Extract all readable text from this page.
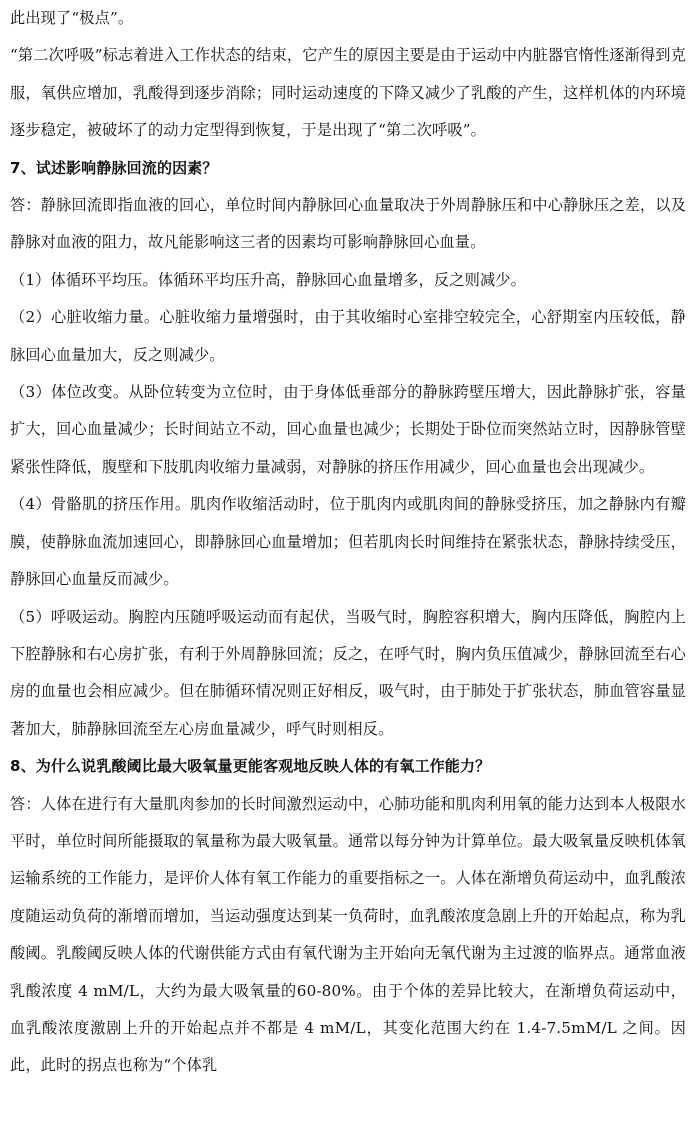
此出现了“极点”。

“第二次呼吸”标志着进入工作状态的结束，它产生的原因主要是由于运动中内脏器官惰性逐渐得到克服，氧供应增加，乳酸得到逐步消除；同时运动速度的下降又减少了乳酸的产生，这样机体的内环境逐步稳定，被破坏了的动力定型得到恢复，于是出现了“第二次呼吸”。

7、试述影响静脉回流的因素？

答：静脉回流即指血液的回心，单位时间内静脉回心血量取决于外周静脉压和中心静脉压之差，以及静脉对血液的阻力，故凡能影响这三者的因素均可影响静脉回心血量。

（1）体循环平均压。体循环平均压升高，静脉回心血量增多，反之则减少。

（2）心脏收缩力量。心脏收缩力量增强时，由于其收缩时心室排空较完全，心舒期室内压较低，静脉回心血量加大，反之则减少。

（3）体位改变。从卧位转变为立位时，由于身体低垂部分的静脉跨壁压增大，因此静脉扩张，容量扩大，回心血量减少；长时间站立不动，回心血量也减少；长期处于卧位而突然站立时，因静脉管壁紧张性降低，腹壁和下肢肌肉收缩力量减弱，对静脉的挤压作用减少，回心血量也会出现减少。

（4）骨骼肌的挤压作用。肌肉作收缩活动时，位于肌肉内或肌肉间的静脉受挤压，加之静脉内有瓣膜，使静脉血流加速回心，即静脉回心血量增加；但若肌肉长时间维持在紧张状态，静脉持续受压，静脉回心血量反而减少。

（5）呼吸运动。胸腔内压随呼吸运动而有起伏，当吸气时，胸腔容积增大，胸内压降低，胸腔内上下腔静脉和右心房扩张，有利于外周静脉回流；反之，在呼气时，胸内负压值减少，静脉回流至右心房的血量也会相应减少。但在肺循环情况则正好相反，吸气时，由于肺处于扩张状态，肺血管容量显著加大，肺静脉回流至左心房血量减少，呼气时则相反。

8、为什么说乳酸阈比最大吸氧量更能客观地反映人体的有氧工作能力？

答：人体在进行有大量肌肉参加的长时间激烈运动中，心肺功能和肌肉利用氧的能力达到本人极限水平时，单位时间所能摄取的氧量称为最大吸氧量。通常以每分钟为计算单位。最大吸氧量反映机体氧运输系统的工作能力，是评价人体有氧工作能力的重要指标之一。人体在渐增负荷运动中，血乳酸浓度随运动负荷的渐增而增加，当运动强度达到某一负荷时，血乳酸浓度急剧上升的开始起点，称为乳酸阈。乳酸阈反映人体的代谢供能方式由有氧代谢为主开始向无氧代谢为主过渡的临界点。通常血液乳酸浓度 4 mM/L，大约为最大吸氧量的60-80%。由于个体的差异比较大，在渐增负荷运动中，血乳酸浓度激剧上升的开始起点并不都是 4 mM/L，其变化范围大约在 1.4-7.5mM/L 之间。因此，此时的拐点也称为“个体乳
